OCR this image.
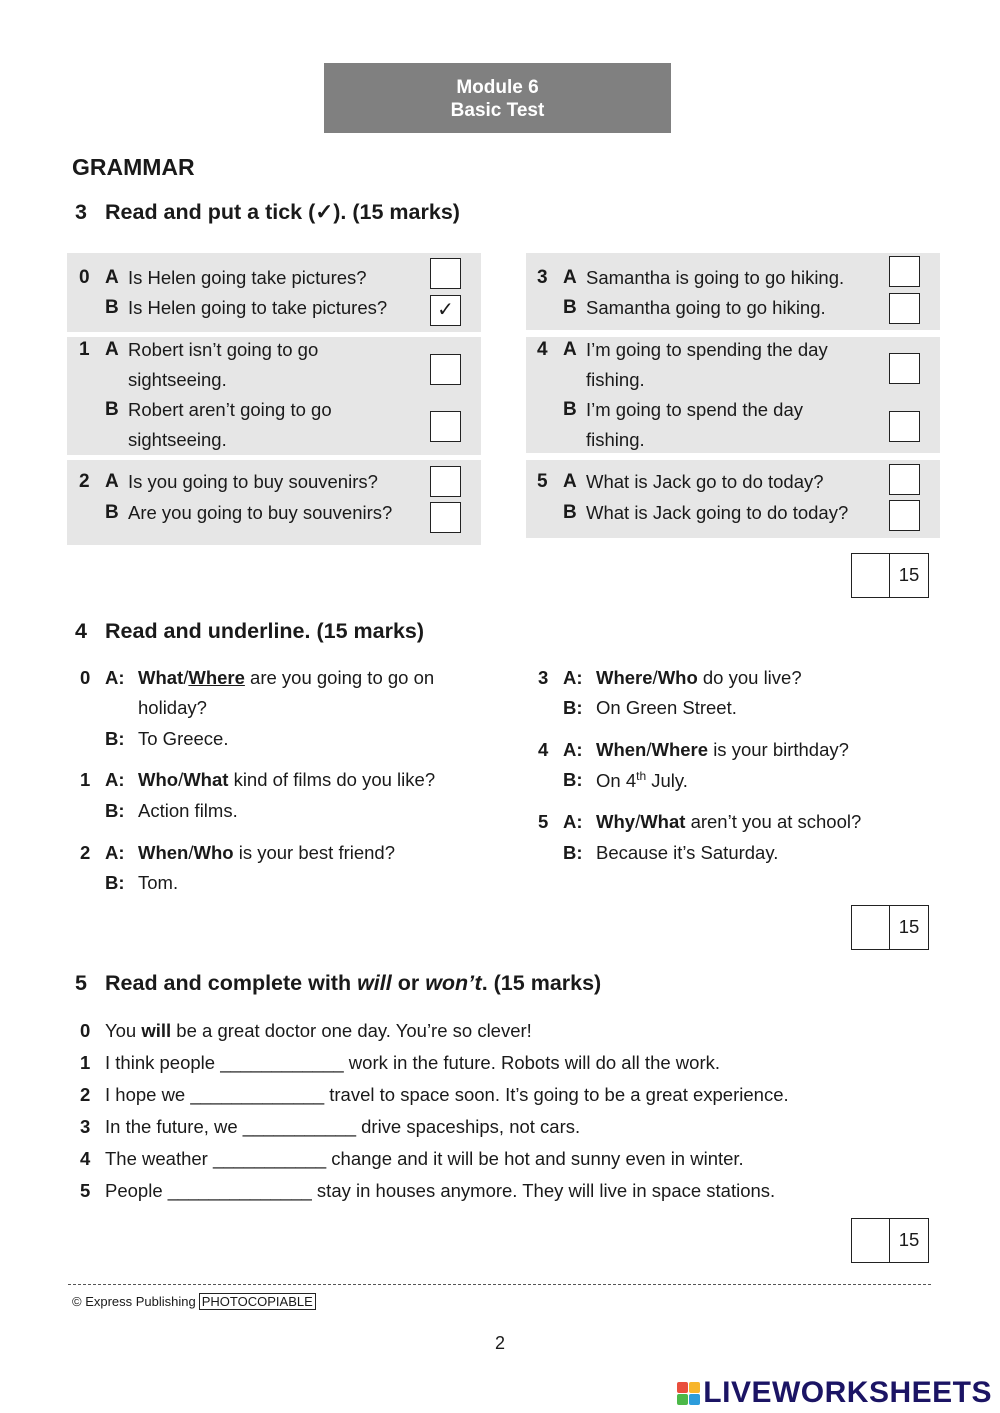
Module 6
Basic Test
GRAMMAR
3 Read and put a tick (✓). (15 marks)
0 A Is Helen going take pictures?
B Is Helen going to take pictures?	✓
1 A Robert isn’t going to go
sightseeing.
B Robert aren’t going to go
sightseeing.
2 A Is you going to buy souvenirs?
B Are you going to buy souvenirs?
3 A Samantha is going to go hiking.
B Samantha going to go hiking.
4 A I’m going to spending the day
fishing.
B I’m going to spend the day
fishing.
5 A What is Jack go to do today?
B What is Jack going to do today?
15
4 Read and underline. (15 marks)
0 A: What/Where are you going to go on
holiday?
B: To Greece.
1 A: Who/What kind of films do you like?
B: Action films.
2 A: When/Who is your best friend?
B: Tom.
3 A: Where/Who do you live?
B: On Green Street.
4 A: When/Where is your birthday?
B: On 4th July.
5 A: Why/What aren’t you at school?
B: Because it’s Saturday.
15
5 Read and complete with will or won’t. (15 marks)
0 You will be a great doctor one day. You’re so clever!
1 I think people ____________ work in the future. Robots will do all the work.
2 I hope we _____________ travel to space soon. It’s going to be a great experience.
3 In the future, we ___________ drive spaceships, not cars.
4 The weather ___________ change and it will be hot and sunny even in winter.
5 People ______________ stay in houses anymore. They will live in space stations.
15
© Express Publishing PHOTOCOPIABLE
2
LIVEWORKSHEETS
